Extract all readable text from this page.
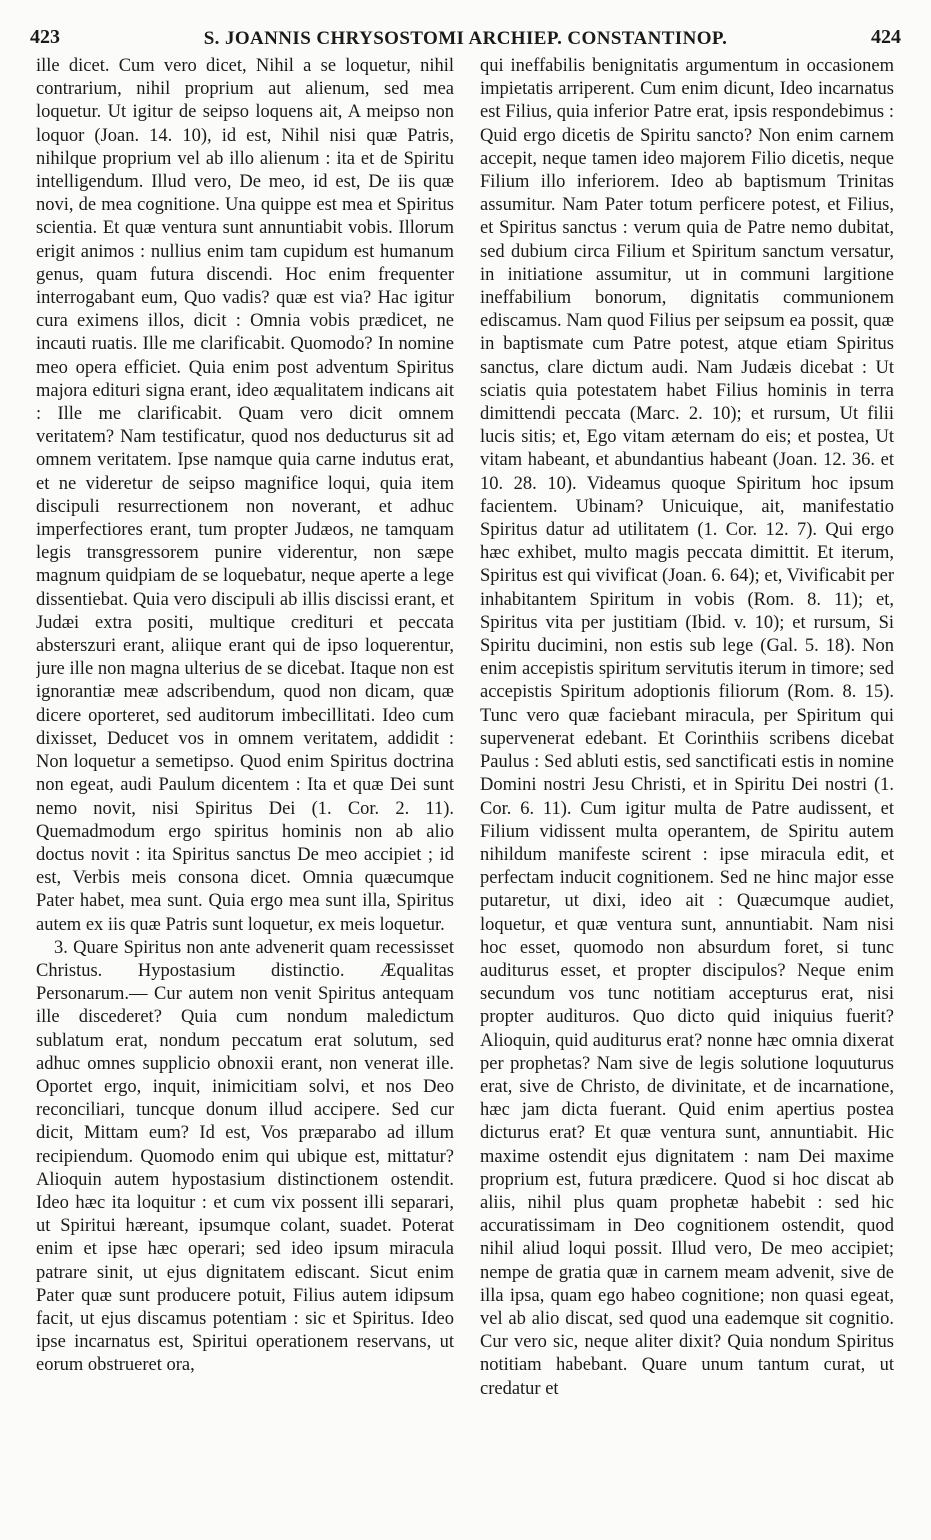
423	S. JOANNIS CHRYSOSTOMI ARCHIEP. CONSTANTINOP.	424

ille dicet. Cum vero dicet, Nihil a se loquetur, nihil contrarium, nihil proprium aut alienum, sed mea loquetur. Ut igitur de seipso loquens ait, A meipso non loquor (Joan. 14. 10), id est, Nihil nisi quæ Patris, nihilque proprium vel ab illo alienum : ita et de Spiritu intelligendum. Illud vero, De meo, id est, De iis quæ novi, de mea cognitione. Una quippe est mea et Spiritus scientia. Et quæ ventura sunt annuntiabit vobis. Illorum erigit animos : nullius enim tam cupidum est humanum genus, quam futura discendi. Hoc enim frequenter interrogabant eum, Quo vadis? quæ est via? Hac igitur cura eximens illos, dicit : Omnia vobis prædicet, ne incauti ruatis. Ille me clarificabit. Quomodo? In nomine meo opera efficiet. Quia enim post adventum Spiritus majora edituri signa erant, ideo æqualitatem indicans ait : Ille me clarificabit. Quam vero dicit omnem veritatem? Nam testificatur, quod nos deducturus sit ad omnem veritatem. Ipse namque quia carne indutus erat, et ne videretur de seipso magnifice loqui, quia item discipuli resurrectionem non noverant, et adhuc imperfectiores erant, tum propter Judæos, ne tamquam legis transgressorem punire viderentur, non sæpe magnum quidpiam de se loquebatur, neque aperte a lege dissentiebat. Quia vero discipuli ab illis discissi erant, et Judæi extra positi, multique credituri et peccata absterszuri erant, aliique erant qui de ipso loquerentur, jure ille non magna ulterius de se dicebat. Itaque non est ignorantiæ meæ adscribendum, quod non dicam, quæ dicere oporteret, sed auditorum imbecillitati. Ideo cum dixisset, Deducet vos in omnem veritatem, addidit : Non loquetur a semetipso. Quod enim Spiritus doctrina non egeat, audi Paulum dicentem : Ita et quæ Dei sunt nemo novit, nisi Spiritus Dei (1. Cor. 2. 11). Quemadmodum ergo spiritus hominis non ab alio doctus novit : ita Spiritus sanctus De meo accipiet ; id est, Verbis meis consona dicet. Omnia quæcumque Pater habet, mea sunt. Quia ergo mea sunt illa, Spiritus autem ex iis quæ Patris sunt loquetur, ex meis loquetur.

3. Quare Spiritus non ante advenerit quam recessisset Christus. Hypostasium distinctio. Æqualitas Personarum.— Cur autem non venit Spiritus antequam ille discederet? Quia cum nondum maledictum sublatum erat, nondum peccatum erat solutum, sed adhuc omnes supplicio obnoxii erant, non venerat ille. Oportet ergo, inquit, inimicitiam solvi, et nos Deo reconciliari, tuncque donum illud accipere. Sed cur dicit, Mittam eum? Id est, Vos præparabo ad illum recipiendum. Quomodo enim qui ubique est, mittatur? Alioquin autem hypostasium distinctionem ostendit. Ideo hæc ita loquitur : et cum vix possent illi separari, ut Spiritui hæreant, ipsumque colant, suadet. Poterat enim et ipse hæc operari; sed ideo ipsum miracula patrare sinit, ut ejus dignitatem ediscant. Sicut enim Pater quæ sunt producere potuit, Filius autem idipsum facit, ut ejus discamus potentiam : sic et Spiritus. Ideo ipse incarnatus est, Spiritui operationem reservans, ut eorum obstrueret ora,

qui ineffabilis benignitatis argumentum in occasionem impietatis arriperent. Cum enim dicunt, Ideo incarnatus est Filius, quia inferior Patre erat, ipsis respondebimus : Quid ergo dicetis de Spiritu sancto? Non enim carnem accepit, neque tamen ideo majorem Filio dicetis, neque Filium illo inferiorem. Ideo ab baptismum Trinitas assumitur. Nam Pater totum perficere potest, et Filius, et Spiritus sanctus : verum quia de Patre nemo dubitat, sed dubium circa Filium et Spiritum sanctum versatur, in initiatione assumitur, ut in communi largitione ineffabilium bonorum, dignitatis communionem ediscamus. Nam quod Filius per seipsum ea possit, quæ in baptismate cum Patre potest, atque etiam Spiritus sanctus, clare dictum audi. Nam Judæis dicebat : Ut sciatis quia potestatem habet Filius hominis in terra dimittendi peccata (Marc. 2. 10); et rursum, Ut filii lucis sitis; et, Ego vitam æternam do eis; et postea, Ut vitam habeant, et abundantius habeant (Joan. 12. 36. et 10. 28. 10). Videamus quoque Spiritum hoc ipsum facientem. Ubinam? Unicuique, ait, manifestatio Spiritus datur ad utilitatem (1. Cor. 12. 7). Qui ergo hæc exhibet, multo magis peccata dimittit. Et iterum, Spiritus est qui vivificat (Joan. 6. 64); et, Vivificabit per inhabitantem Spiritum in vobis (Rom. 8. 11); et, Spiritus vita per justitiam (Ibid. v. 10); et rursum, Si Spiritu ducimini, non estis sub lege (Gal. 5. 18). Non enim accepistis spiritum servitutis iterum in timore; sed accepistis Spiritum adoptionis filiorum (Rom. 8. 15). Tunc vero quæ faciebant miracula, per Spiritum qui supervenerat edebant. Et Corinthiis scribens dicebat Paulus : Sed abluti estis, sed sanctificati estis in nomine Domini nostri Jesu Christi, et in Spiritu Dei nostri (1. Cor. 6. 11). Cum igitur multa de Patre audissent, et Filium vidissent multa operantem, de Spiritu autem nihildum manifeste scirent : ipse miracula edit, et perfectam inducit cognitionem. Sed ne hinc major esse putaretur, ut dixi, ideo ait : Quæcumque audiet, loquetur, et quæ ventura sunt, annuntiabit. Nam nisi hoc esset, quomodo non absurdum foret, si tunc auditurus esset, et propter discipulos? Neque enim secundum vos tunc notitiam accepturus erat, nisi propter audituros. Quo dicto quid iniquius fuerit? Alioquin, quid auditurus erat? nonne hæc omnia dixerat per prophetas? Nam sive de legis solutione loquuturus erat, sive de Christo, de divinitate, et de incarnatione, hæc jam dicta fuerant. Quid enim apertius postea dicturus erat? Et quæ ventura sunt, annuntiabit. Hic maxime ostendit ejus dignitatem : nam Dei maxime proprium est, futura prædicere. Quod si hoc discat ab aliis, nihil plus quam prophetæ habebit : sed hic accuratissimam in Deo cognitionem ostendit, quod nihil aliud loqui possit. Illud vero, De meo accipiet; nempe de gratia quæ in carnem meam advenit, sive de illa ipsa, quam ego habeo cognitione; non quasi egeat, vel ab alio discat, sed quod una eademque sit cognitio. Cur vero sic, neque aliter dixit? Quia nondum Spiritus notitiam habebant. Quare unum tantum curat, ut credatur et
